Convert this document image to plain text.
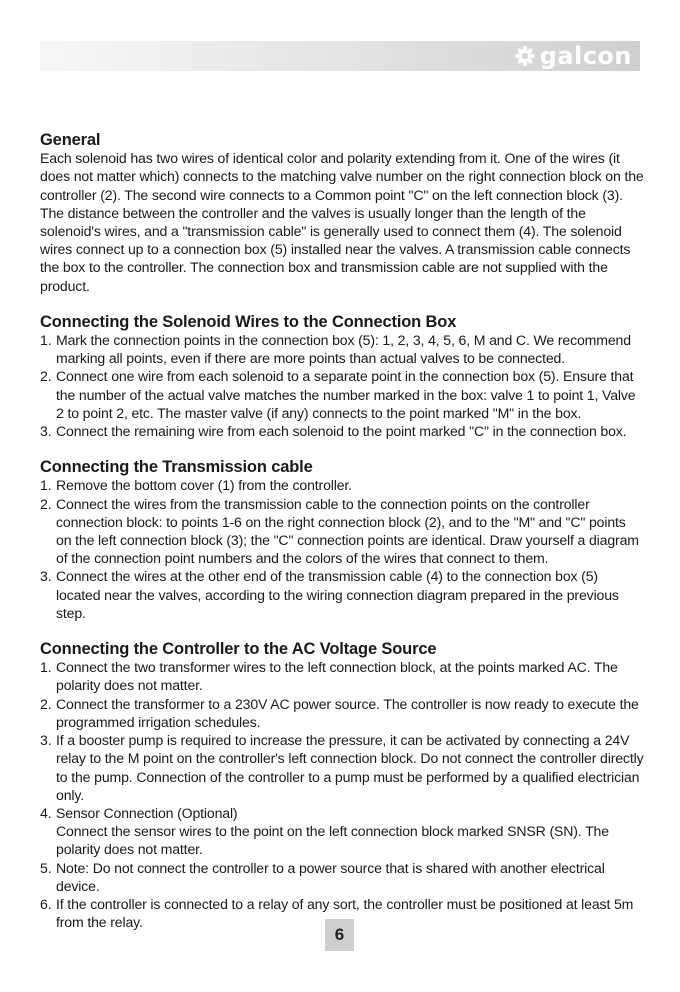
galcon
General

Each solenoid has two wires of identical color and polarity extending from it. One of the wires (it does not matter which) connects to the matching valve number on the right connection block on the controller (2). The second wire connects to a Common point "C" on the left connection block (3). The distance between the controller and the valves is usually longer than the length of the solenoid's wires, and a "transmission cable" is generally used to connect them (4). The solenoid wires connect up to a connection box (5) installed near the valves. A transmission cable connects the box to the controller. The connection box and transmission cable are not supplied with the product.

Connecting the Solenoid Wires to the Connection Box
1. Mark the connection points in the connection box (5): 1, 2, 3, 4, 5, 6, M and C. We recommend marking all points, even if there are more points than actual valves to be connected.
2. Connect one wire from each solenoid to a separate point in the connection box (5). Ensure that the number of the actual valve matches the number marked in the box: valve 1 to point 1, Valve 2 to point 2, etc. The master valve (if any) connects to the point marked "M" in the box.
3. Connect the remaining wire from each solenoid to the point marked "C" in the connection box.
Connecting the Transmission cable
1. Remove the bottom cover (1) from the controller.
2. Connect the wires from the transmission cable to the connection points on the controller connection block: to points 1-6 on the right connection block (2), and to the "M" and "C" points on the left connection block (3); the "C" connection points are identical. Draw yourself a diagram of the connection point numbers and the colors of the wires that connect to them.
3. Connect the wires at the other end of the transmission cable (4) to the connection box (5) located near the valves, according to the wiring connection diagram prepared in the previous step.
Connecting the Controller to the AC Voltage Source
1. Connect the two transformer wires to the left connection block, at the points marked AC. The polarity does not matter.
2. Connect the transformer to a 230V AC power source. The controller is now ready to execute the programmed irrigation schedules.
3. If a booster pump is required to increase the pressure, it can be activated by connecting a 24V relay to the M point on the controller's left connection block. Do not connect the controller directly to the pump. Connection of the controller to a pump must be performed by a qualified electrician only.
4. Sensor Connection (Optional)
Connect the sensor wires to the point on the left connection block marked SNSR (SN). The polarity does not matter.
5. Note: Do not connect the controller to a power source that is shared with another electrical device.
6. If the controller is connected to a relay of any sort, the controller must be positioned at least 5m from the relay.
6
